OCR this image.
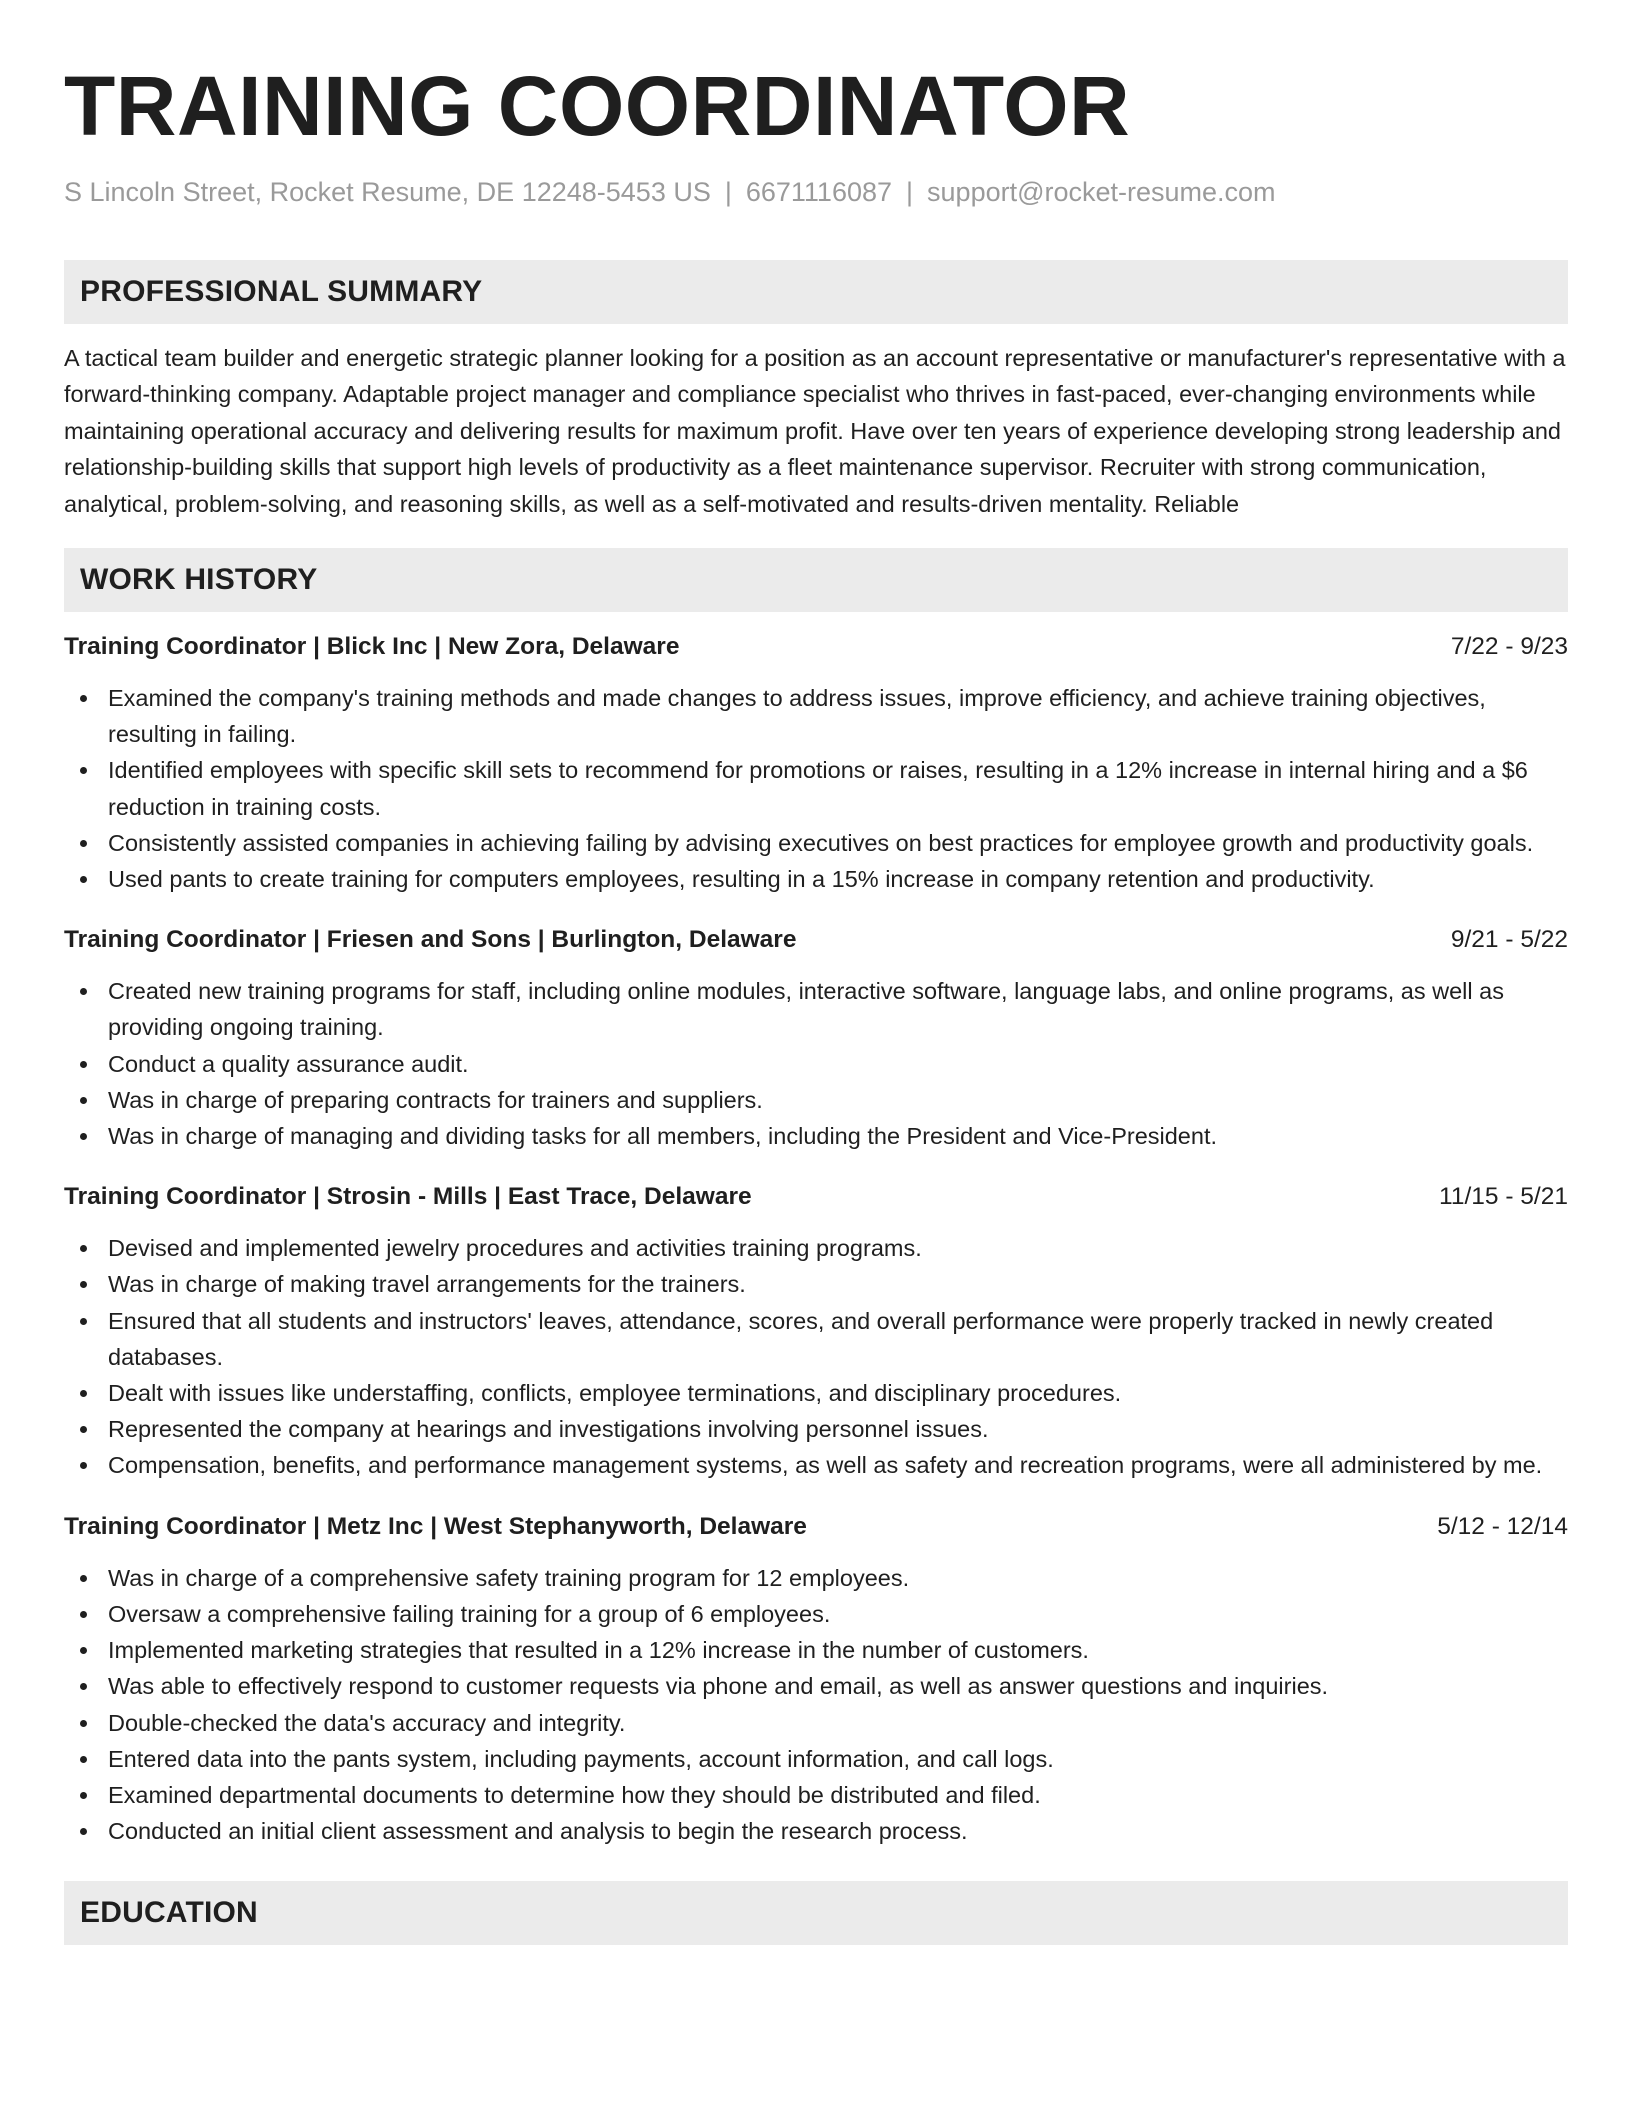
TRAINING COORDINATOR
S Lincoln Street, Rocket Resume, DE 12248-5453 US | 6671116087 | support@rocket-resume.com
PROFESSIONAL SUMMARY

A tactical team builder and energetic strategic planner looking for a position as an account representative or manufacturer's representative with a forward-thinking company. Adaptable project manager and compliance specialist who thrives in fast-paced, ever-changing environments while maintaining operational accuracy and delivering results for maximum profit. Have over ten years of experience developing strong leadership and relationship-building skills that support high levels of productivity as a fleet maintenance supervisor. Recruiter with strong communication, analytical, problem-solving, and reasoning skills, as well as a self-motivated and results-driven mentality. Reliable

WORK HISTORY
Training Coordinator | Blick Inc | New Zora, Delaware	7/22 - 9/23
Examined the company's training methods and made changes to address issues, improve efficiency, and achieve training objectives, resulting in failing.
Identified employees with specific skill sets to recommend for promotions or raises, resulting in a 12% increase in internal hiring and a $6 reduction in training costs.
Consistently assisted companies in achieving failing by advising executives on best practices for employee growth and productivity goals.
Used pants to create training for computers employees, resulting in a 15% increase in company retention and productivity.
Training Coordinator | Friesen and Sons | Burlington, Delaware	9/21 - 5/22
Created new training programs for staff, including online modules, interactive software, language labs, and online programs, as well as providing ongoing training.
Conduct a quality assurance audit.
Was in charge of preparing contracts for trainers and suppliers.
Was in charge of managing and dividing tasks for all members, including the President and Vice-President.
Training Coordinator | Strosin - Mills | East Trace, Delaware	11/15 - 5/21
Devised and implemented jewelry procedures and activities training programs.
Was in charge of making travel arrangements for the trainers.
Ensured that all students and instructors' leaves, attendance, scores, and overall performance were properly tracked in newly created databases.
Dealt with issues like understaffing, conflicts, employee terminations, and disciplinary procedures.
Represented the company at hearings and investigations involving personnel issues.
Compensation, benefits, and performance management systems, as well as safety and recreation programs, were all administered by me.
Training Coordinator | Metz Inc | West Stephanyworth, Delaware	5/12 - 12/14
Was in charge of a comprehensive safety training program for 12 employees.
Oversaw a comprehensive failing training for a group of 6 employees.
Implemented marketing strategies that resulted in a 12% increase in the number of customers.
Was able to effectively respond to customer requests via phone and email, as well as answer questions and inquiries.
Double-checked the data's accuracy and integrity.
Entered data into the pants system, including payments, account information, and call logs.
Examined departmental documents to determine how they should be distributed and filed.
Conducted an initial client assessment and analysis to begin the research process.
EDUCATION
